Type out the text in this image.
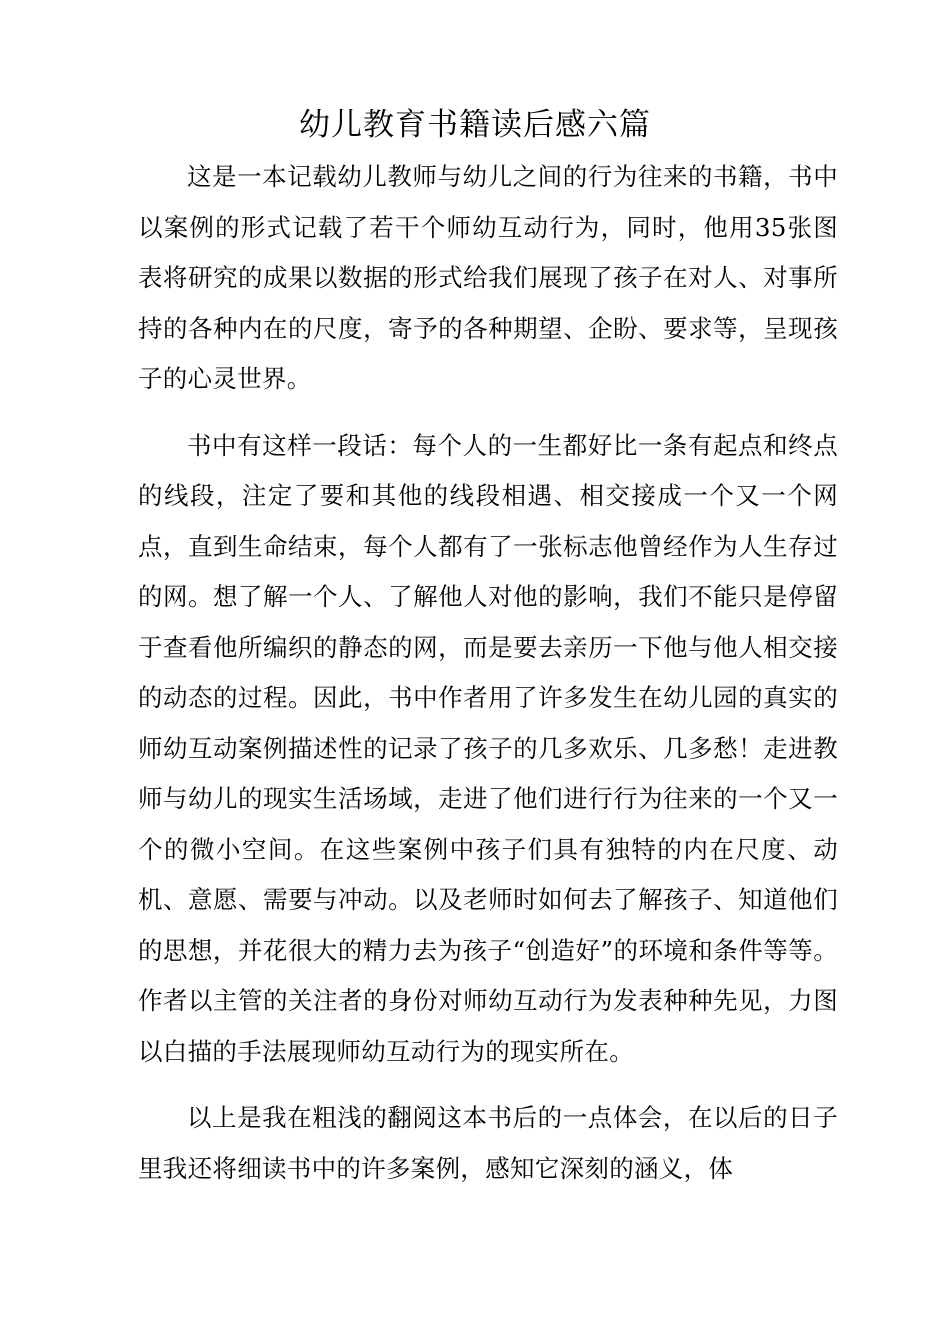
幼儿教育书籍读后感六篇

这是一本记载幼儿教师与幼儿之间的行为往来的书籍，书中以案例的形式记载了若干个师幼互动行为，同时，他用35张图表将研究的成果以数据的形式给我们展现了孩子在对人、对事所持的各种内在的尺度，寄予的各种期望、企盼、要求等，呈现孩子的心灵世界。

书中有这样一段话：每个人的一生都好比一条有起点和终点的线段，注定了要和其他的线段相遇、相交接成一个又一个网点，直到生命结束，每个人都有了一张标志他曾经作为人生存过的网。想了解一个人、了解他人对他的影响，我们不能只是停留于查看他所编织的静态的网，而是要去亲历一下他与他人相交接的动态的过程。因此，书中作者用了许多发生在幼儿园的真实的师幼互动案例描述性的记录了孩子的几多欢乐、几多愁！走进教师与幼儿的现实生活场域，走进了他们进行行为往来的一个又一个的微小空间。在这些案例中孩子们具有独特的内在尺度、动机、意愿、需要与冲动。以及老师时如何去了解孩子、知道他们的思想，并花很大的精力去为孩子“创造好”的环境和条件等等。作者以主管的关注者的身份对师幼互动行为发表种种先见，力图以白描的手法展现师幼互动行为的现实所在。

以上是我在粗浅的翻阅这本书后的一点体会，在以后的日子里我还将细读书中的许多案例，感知它深刻的涵义，体
